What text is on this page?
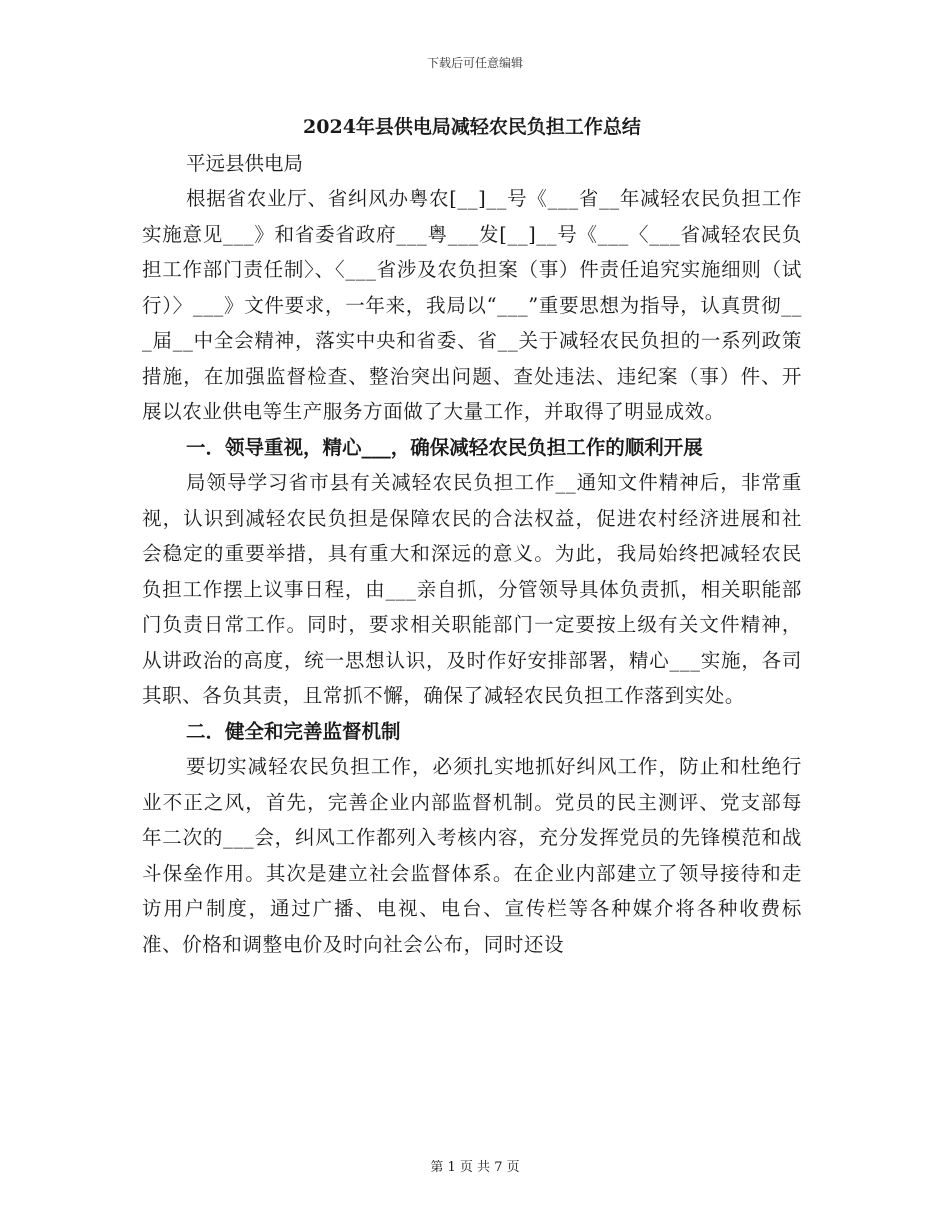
下载后可任意编辑
2024年县供电局减轻农民负担工作总结
平远县供电局

根据省农业厅、省纠风办粤农[__]__号《___省__年减轻农民负担工作实施意见___》和省委省政府___粤___发[__]__号《___〈___省减轻农民负担工作部门责任制〉、〈___省涉及农负担案（事）件责任追究实施细则（试行）〉___》文件要求，一年来，我局以“___”重要思想为指导，认真贯彻___届__中全会精神，落实中央和省委、省__关于减轻农民负担的一系列政策措施，在加强监督检查、整治突出问题、查处违法、违纪案（事）件、开展以农业供电等生产服务方面做了大量工作，并取得了明显成效。

一．领导重视，精心___，确保减轻农民负担工作的顺利开展

局领导学习省市县有关减轻农民负担工作__通知文件精神后，非常重视，认识到减轻农民负担是保障农民的合法权益，促进农村经济进展和社会稳定的重要举措，具有重大和深远的意义。为此，我局始终把减轻农民负担工作摆上议事日程，由___亲自抓，分管领导具体负责抓，相关职能部门负责日常工作。同时，要求相关职能部门一定要按上级有关文件精神，从讲政治的高度，统一思想认识，及时作好安排部署，精心___实施，各司其职、各负其责，且常抓不懈，确保了减轻农民负担工作落到实处。

二．健全和完善监督机制

要切实减轻农民负担工作，必须扎实地抓好纠风工作，防止和杜绝行业不正之风，首先，完善企业内部监督机制。党员的民主测评、党支部每年二次的___会，纠风工作都列入考核内容，充分发挥党员的先锋模范和战斗保垒作用。其次是建立社会监督体系。在企业内部建立了领导接待和走访用户制度，通过广播、电视、电台、宣传栏等各种媒介将各种收费标准、价格和调整电价及时向社会公布，同时还设

第 1 页 共 7 页
